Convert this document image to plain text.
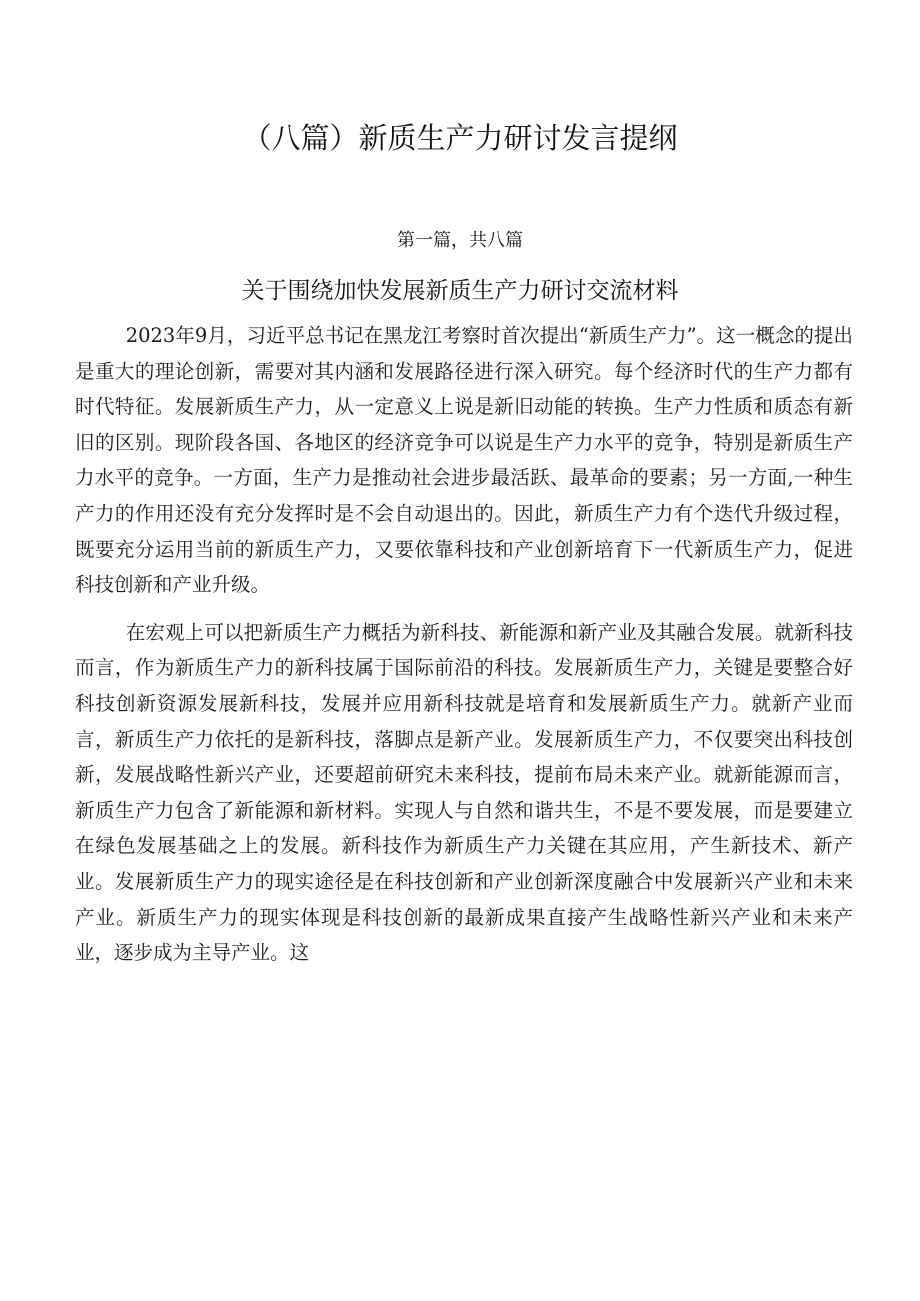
（八篇）新质生产力研讨发言提纲
第一篇，共八篇
关于围绕加快发展新质生产力研讨交流材料

2023年9月，习近平总书记在黑龙江考察时首次提出“新质生产力”。这一概念的提出是重大的理论创新，需要对其内涵和发展路径进行深入研究。每个经济时代的生产力都有时代特征。发展新质生产力，从一定意义上说是新旧动能的转换。生产力性质和质态有新旧的区别。现阶段各国、各地区的经济竞争可以说是生产力水平的竞争，特别是新质生产力水平的竞争。一方面，生产力是推动社会进步最活跃、最革命的要素；另一方面,一种生产力的作用还没有充分发挥时是不会自动退出的。因此，新质生产力有个迭代升级过程，既要充分运用当前的新质生产力，又要依靠科技和产业创新培育下一代新质生产力，促进科技创新和产业升级。

在宏观上可以把新质生产力概括为新科技、新能源和新产业及其融合发展。就新科技而言，作为新质生产力的新科技属于国际前沿的科技。发展新质生产力，关键是要整合好科技创新资源发展新科技，发展并应用新科技就是培育和发展新质生产力。就新产业而言，新质生产力依托的是新科技，落脚点是新产业。发展新质生产力，不仅要突出科技创新，发展战略性新兴产业，还要超前研究未来科技，提前布局未来产业。就新能源而言，新质生产力包含了新能源和新材料。实现人与自然和谐共生，不是不要发展，而是要建立在绿色发展基础之上的发展。新科技作为新质生产力关键在其应用，产生新技术、新产业。发展新质生产力的现实途径是在科技创新和产业创新深度融合中发展新兴产业和未来产业。新质生产力的现实体现是科技创新的最新成果直接产生战略性新兴产业和未来产业，逐步成为主导产业。这
